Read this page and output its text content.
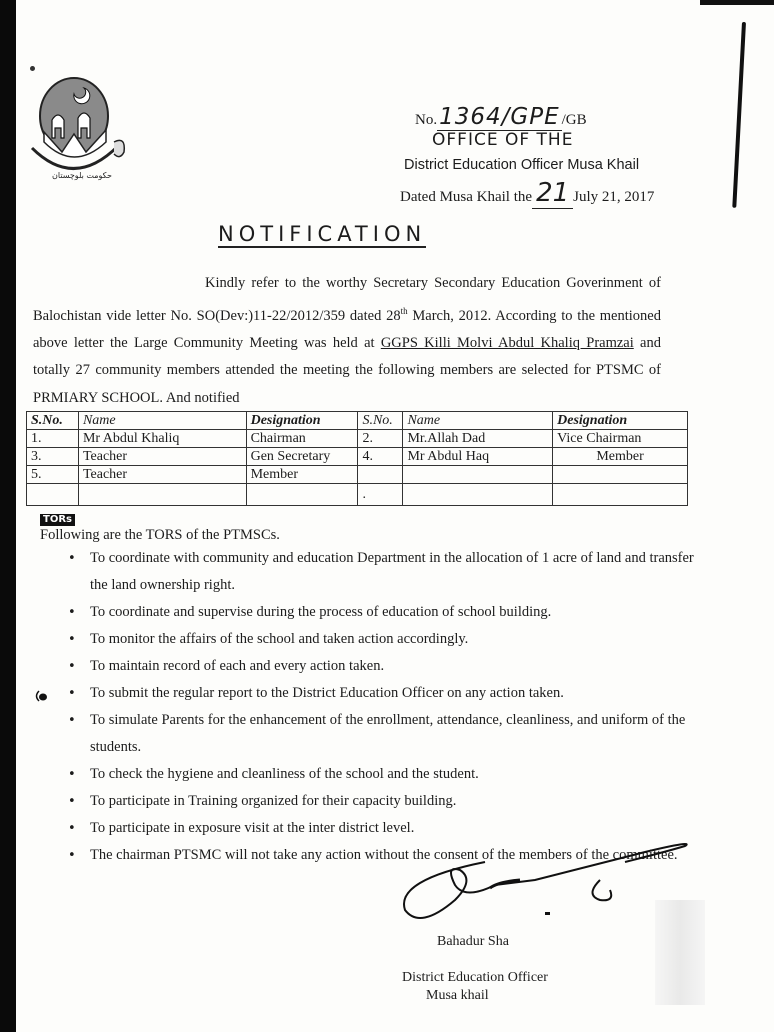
حکومت بلوچستان
No.1364/GPE /GB
OFFICE OF THE
District Education Officer Musa Khail
Dated Musa Khail the 21 July 21, 2017
NOTIFICATION
Kindly refer to the worthy Secretary Secondary Education Goverinment of Balochistan vide letter No. SO(Dev:)11-22/2012/359 dated 28th March, 2012. According to the mentioned above letter the Large Community Meeting was held at GGPS Killi Molvi Abdul Khaliq Pramzai and totally 27 community members attended the meeting the following members are selected for PTSMC of PRMIARY SCHOOL. And notified
S.No.	Name	Designation	S.No.	Name	Designation
1.	Mr Abdul Khaliq	Chairman	2.	Mr.Allah Dad	Vice Chairman
3.	Teacher	Gen Secretary	4.	Mr Abdul Haq	Member
5.	Teacher	Member			
			.		
TORs
Following are the TORS of the PTMSCs.
• To coordinate with community and education Department in the allocation of 1 acre of land and transfer the land ownership right.
• To coordinate and supervise during the process of education of school building.
• To monitor the affairs of the school and taken action accordingly.
• To maintain record of each and every action taken.
• To submit the regular report to the District Education Officer on any action taken.
• To simulate Parents for the enhancement of the enrollment, attendance, cleanliness, and uniform of the students.
• To check the hygiene and cleanliness of the school and the student.
• To participate in Training organized for their capacity building.
• To participate in exposure visit at the inter district level.
• The chairman PTSMC will not take any action without the consent of the members of the committee.
Bahadur Sha
District Education Officer
Musa khail
